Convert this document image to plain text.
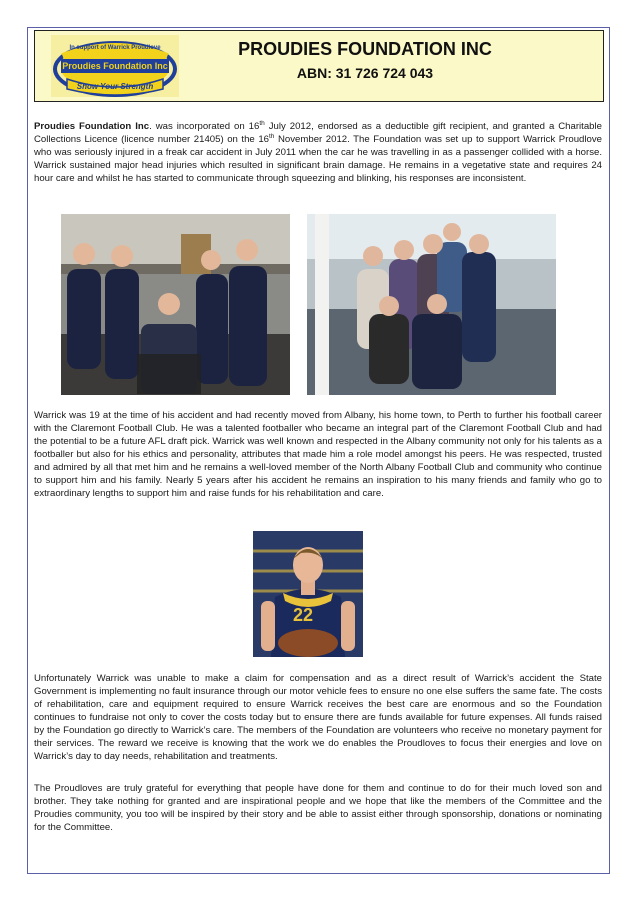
In support of Warrick Proudlove
Proudies Foundation Inc
Show Your Strength
PROUDIES FOUNDATION INC
ABN: 31 726 724 043

Proudies Foundation Inc. was incorporated on 16th July 2012, endorsed as a deductible gift recipient, and granted a Charitable Collections Licence (licence number 21405) on the 16th November 2012. The Foundation was set up to support Warrick Proudlove who was seriously injured in a freak car accident in July 2011 when the car he was travelling in as a passenger collided with a horse. Warrick sustained major head injuries which resulted in significant brain damage. He remains in a vegetative state and requires 24 hour care and whilst he has started to communicate through squeezing and blinking, his responses are inconsistent.

Warrick was 19 at the time of his accident and had recently moved from Albany, his home town, to Perth to further his football career with the Claremont Football Club. He was a talented footballer who became an integral part of the Claremont Football Club and had the potential to be a future AFL draft pick. Warrick was well known and respected in the Albany community not only for his talents as a footballer but also for his ethics and personality, attributes that made him a role model amongst his peers. He was respected, trusted and admired by all that met him and he remains a well-loved member of the North Albany Football Club and community who continue to support him and his family. Nearly 5 years after his accident he remains an inspiration to his many friends and family who go to extraordinary lengths to support him and raise funds for his rehabilitation and care.

22

Unfortunately Warrick was unable to make a claim for compensation and as a direct result of Warrick’s accident the State Government is implementing no fault insurance through our motor vehicle fees to ensure no one else suffers the same fate. The costs of rehabilitation, care and equipment required to ensure Warrick receives the best care are enormous and so the Foundation continues to fundraise not only to cover the costs today but to ensure there are funds available for future expenses. All funds raised by the Foundation go directly to Warrick’s care. The members of the Foundation are volunteers who receive no monetary payment for their services. The reward we receive is knowing that the work we do enables the Proudloves to focus their energies and love on Warrick’s day to day needs, rehabilitation and treatments.

The Proudloves are truly grateful for everything that people have done for them and continue to do for their much loved son and brother. They take nothing for granted and are inspirational people and we hope that like the members of the Committee and the Proudies community, you too will be inspired by their story and be able to assist either through sponsorship, donations or nominating for the Committee.
